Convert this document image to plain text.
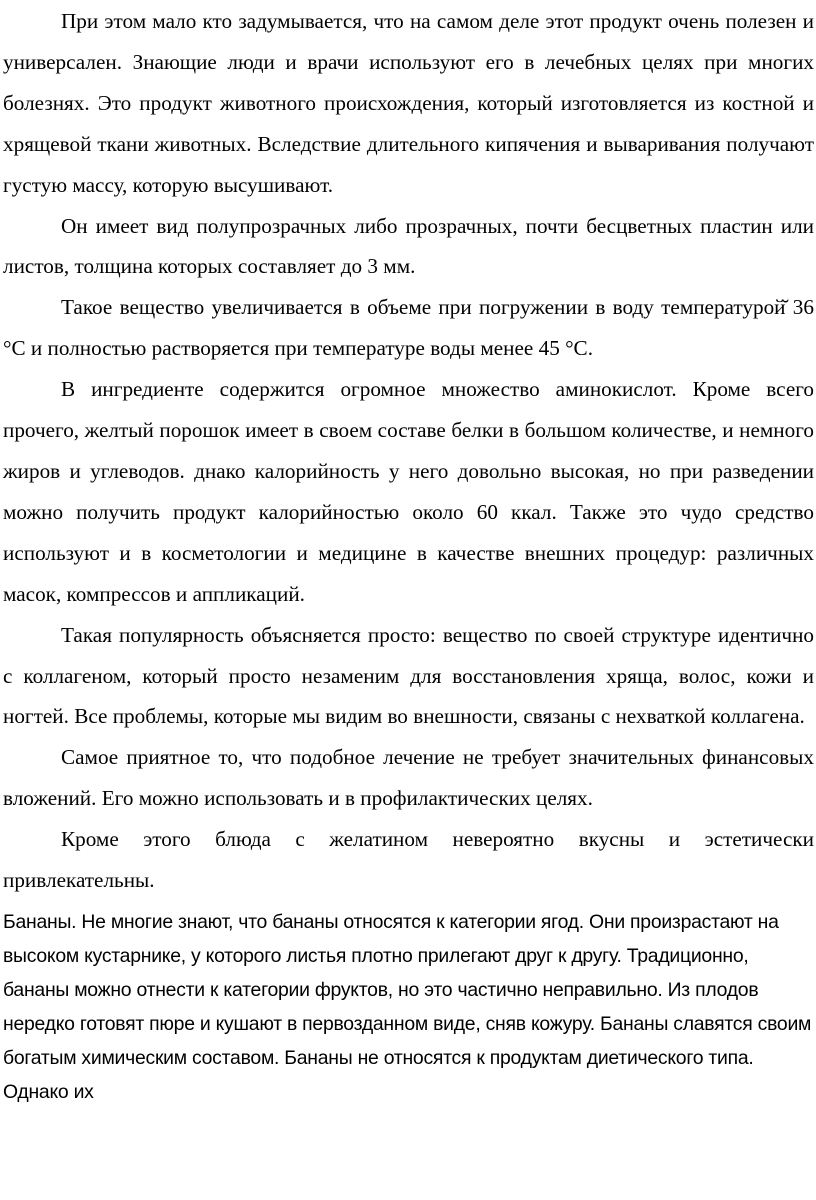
При этом мало кто задумывается, что на самом деле этот продукт очень полезен и универсален. Знающие люди и врачи используют его в лечебных целях при многих болезнях. Это продукт животного происхождения, который изготовляется из костной и хрящевой ткани животных. Вследствие длительного кипячения и вываривания получают густую массу, которую высушивают.

Он имеет вид полупрозрачных либо прозрачных, почти бесцветных пластин или листов, толщина которых составляет до 3 мм.

Такое вещество увеличивается в объеме при погружении в воду температурой̆ 36 °С и полностью растворяется при температуре воды менее 45 °С.

В ингредиенте содержится огромное множество аминокислот. Кроме всего прочего, желтый порошок имеет в своем составе белки в большом количестве, и немного жиров и углеводов. днако калорийность у него довольно высокая, но при разведении можно получить продукт калорийностью около 60 ккал. Также это чудо средство используют и в косметологии и медицине в качестве внешних процедур: различных масок, компрессов и аппликаций.

Такая популярность объясняется просто: вещество по своей структуре идентично с коллагеном, который просто незаменим для восстановления хряща, волос, кожи и ногтей. Все проблемы, которые мы видим во внешности, связаны с нехваткой коллагена.

Самое приятное то, что подобное лечение не требует значительных финансовых вложений. Его можно использовать и в профилактических целях.

Кроме этого блюда с желатином невероятно вкусны и эстетически привлекательны.

Бананы. Не многие знают, что бананы относятся к категории ягод. Они произрастают на высоком кустарнике, у которого листья плотно прилегают друг к другу. Традиционно, бананы можно отнести к категории фруктов, но это частично неправильно. Из плодов нередко готовят пюре и кушают в первозданном виде, сняв кожуру. Бананы славятся своим богатым химическим составом. Бананы не относятся к продуктам диетического типа. Однако их
